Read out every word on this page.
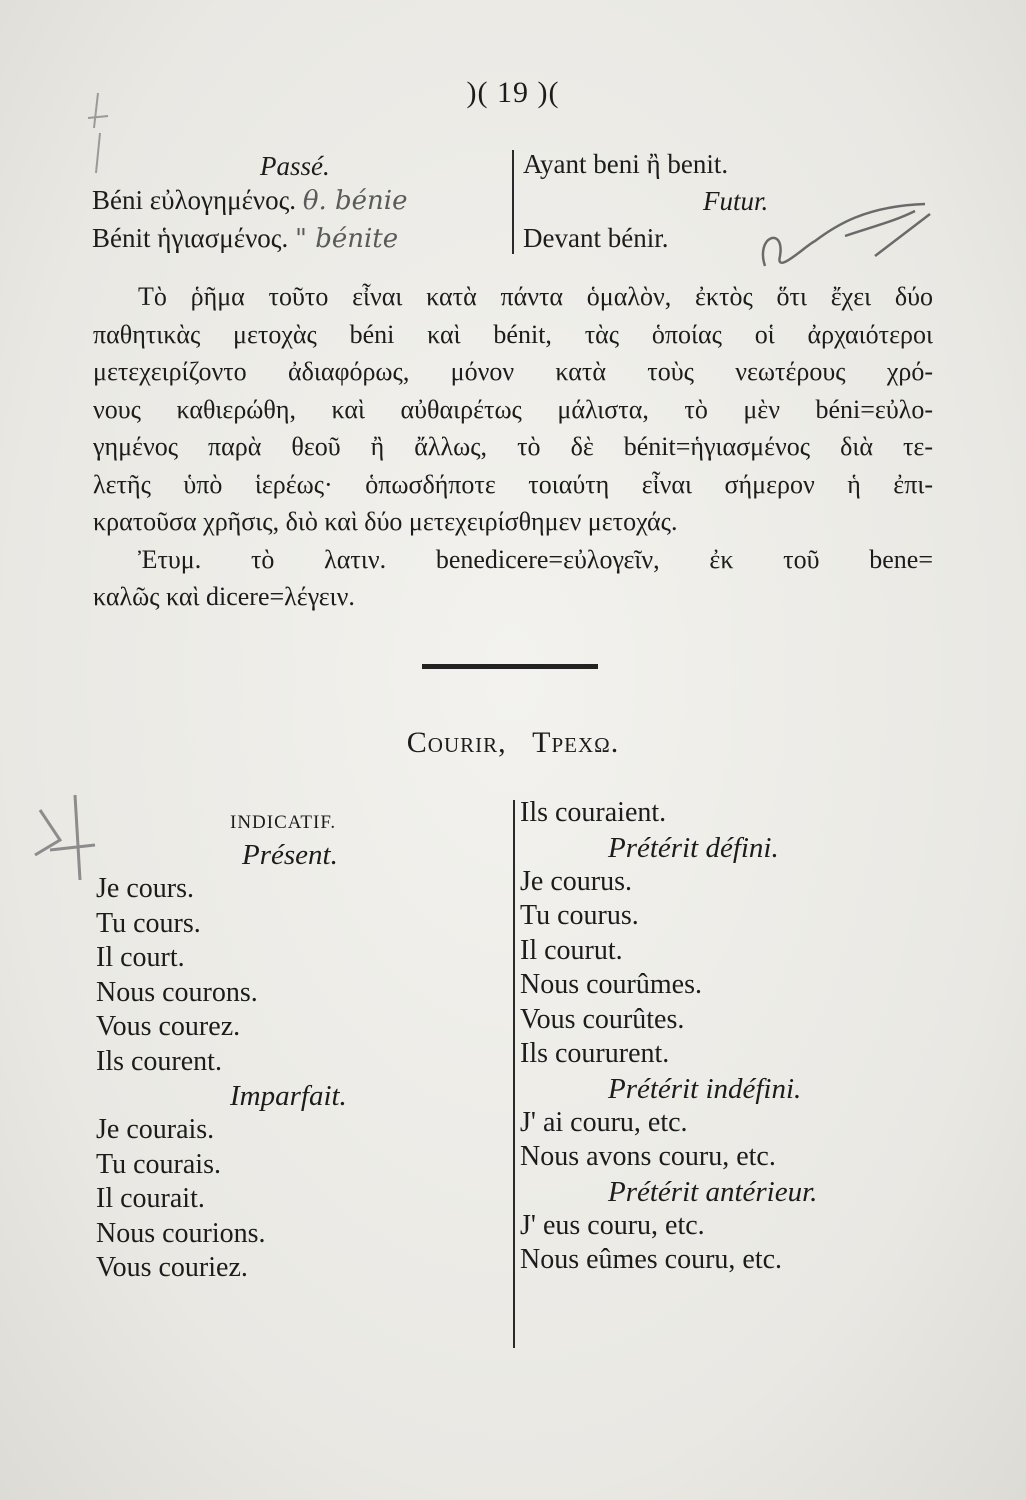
)( 19 )(
Passé.
Béni εὐλογημένος. θ. bénie
Bénit ἡγιασμένος. " bénite
Ayant beni ἢ benit.
Futur.
Devant bénir.
Τὸ ῥῆμα τοῦτο εἶναι κατὰ πάντα ὁμαλὸν, ἐκτὸς ὅτι ἔχει δύο
παθητικὰς μετοχὰς béni καὶ bénit, τὰς ὁποίας οἱ ἀρχαιότεροι
μετεχειρίζοντο ἀδιαφόρως, μόνον κατὰ τοὺς νεωτέρους χρό-
νους καθιερώθη, καὶ αὐθαιρέτως μάλιστα, τὸ μὲν béni=εὐλο-
γημένος παρὰ θεοῦ ἢ ἄλλως, τὸ δὲ bénit=ἡγιασμένος διὰ τε-
λετῆς ὑπὸ ἱερέως· ὁπωσδήποτε τοιαύτη εἶναι σήμερον ἡ ἐπι-
κρατοῦσα χρῆσις, διὸ καὶ δύο μετεχειρίσθημεν μετοχάς.
Ἐτυμ. τὸ λατιν. benedicere=εὐλογεῖν, ἐκ τοῦ bene=
καλῶς καὶ dicere=λέγειν.
Courir, Τρεχω.
INDICATIF.
Présent.
Je cours.
Tu cours.
Il court.
Nous courons.
Vous courez.
Ils courent.
Imparfait.
Je courais.
Tu courais.
Il courait.
Nous courions.
Vous couriez.
Ils couraient.
Prétérit défini.
Je courus.
Tu courus.
Il courut.
Nous courûmes.
Vous courûtes.
Ils coururent.
Prétérit indéfini.
J' ai couru, etc.
Nous avons couru, etc.
Prétérit antérieur.
J' eus couru, etc.
Nous eûmes couru, etc.
